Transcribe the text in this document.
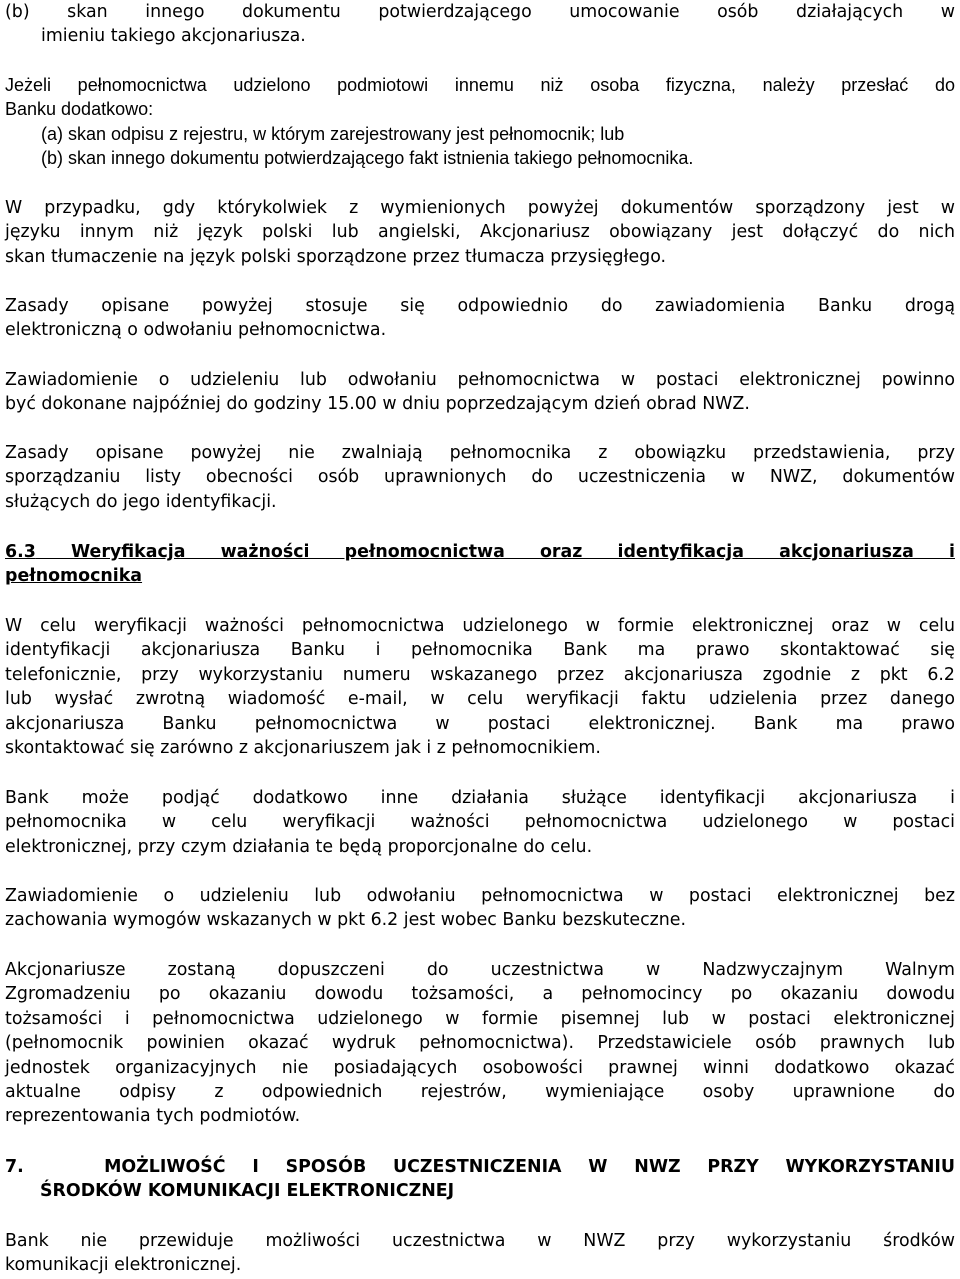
(b) skan innego dokumentu potwierdzającego umocowanie osób działających w
imieniu takiego akcjonariusza.
Jeżeli pełnomocnictwa udzielono podmiotowi innemu niż osoba fizyczna, należy przesłać do
Banku dodatkowo:
(a) skan odpisu z rejestru, w którym zarejestrowany jest pełnomocnik; lub
(b) skan innego dokumentu potwierdzającego fakt istnienia takiego pełnomocnika.
W przypadku, gdy którykolwiek z wymienionych powyżej dokumentów sporządzony jest w
języku innym niż język polski lub angielski, Akcjonariusz obowiązany jest dołączyć do nich
skan tłumaczenie na język polski sporządzone przez tłumacza przysięgłego.
Zasady opisane powyżej stosuje się odpowiednio do zawiadomienia Banku drogą
elektroniczną o odwołaniu pełnomocnictwa.
Zawiadomienie o udzieleniu lub odwołaniu pełnomocnictwa w postaci elektronicznej powinno
być dokonane najpóźniej do godziny 15.00 w dniu poprzedzającym dzień obrad NWZ.
Zasady opisane powyżej nie zwalniają pełnomocnika z obowiązku przedstawienia, przy
sporządzaniu listy obecności osób uprawnionych do uczestniczenia w NWZ, dokumentów
służących do jego identyfikacji.
6.3 Weryfikacja ważności pełnomocnictwa oraz identyfikacja akcjonariusza i
pełnomocnika
W celu weryfikacji ważności pełnomocnictwa udzielonego w formie elektronicznej oraz w celu
identyfikacji akcjonariusza Banku i pełnomocnika Bank ma prawo skontaktować się
telefonicznie, przy wykorzystaniu numeru wskazanego przez akcjonariusza zgodnie z pkt 6.2
lub wysłać zwrotną wiadomość e-mail, w celu weryfikacji faktu udzielenia przez danego
akcjonariusza Banku pełnomocnictwa w postaci elektronicznej. Bank ma prawo
skontaktować się zarówno z akcjonariuszem jak i z pełnomocnikiem.
Bank może podjąć dodatkowo inne działania służące identyfikacji akcjonariusza i
pełnomocnika w celu weryfikacji ważności pełnomocnictwa udzielonego w postaci
elektronicznej, przy czym działania te będą proporcjonalne do celu.
Zawiadomienie o udzieleniu lub odwołaniu pełnomocnictwa w postaci elektronicznej bez
zachowania wymogów wskazanych w pkt 6.2 jest wobec Banku bezskuteczne.
Akcjonariusze zostaną dopuszczeni do uczestnictwa w Nadzwyczajnym Walnym
Zgromadzeniu po okazaniu dowodu tożsamości, a pełnomocincy po okazaniu dowodu
tożsamości i pełnomocnictwa udzielonego w formie pisemnej lub w postaci elektronicznej
(pełnomocnik powinien okazać wydruk pełnomocnictwa). Przedstawiciele osób prawnych lub
jednostek organizacyjnych nie posiadających osobowości prawnej winni dodatkowo okazać
aktualne odpisy z odpowiednich rejestrów, wymieniające osoby uprawnione do
reprezentowania tych podmiotów.
7.	MOŻLIWOŚĆ I SPOSÓB UCZESTNICZENIA W NWZ PRZY WYKORZYSTANIU
ŚRODKÓW KOMUNIKACJI ELEKTRONICZNEJ
Bank nie przewiduje możliwości uczestnictwa w NWZ przy wykorzystaniu środków
komunikacji elektronicznej.
